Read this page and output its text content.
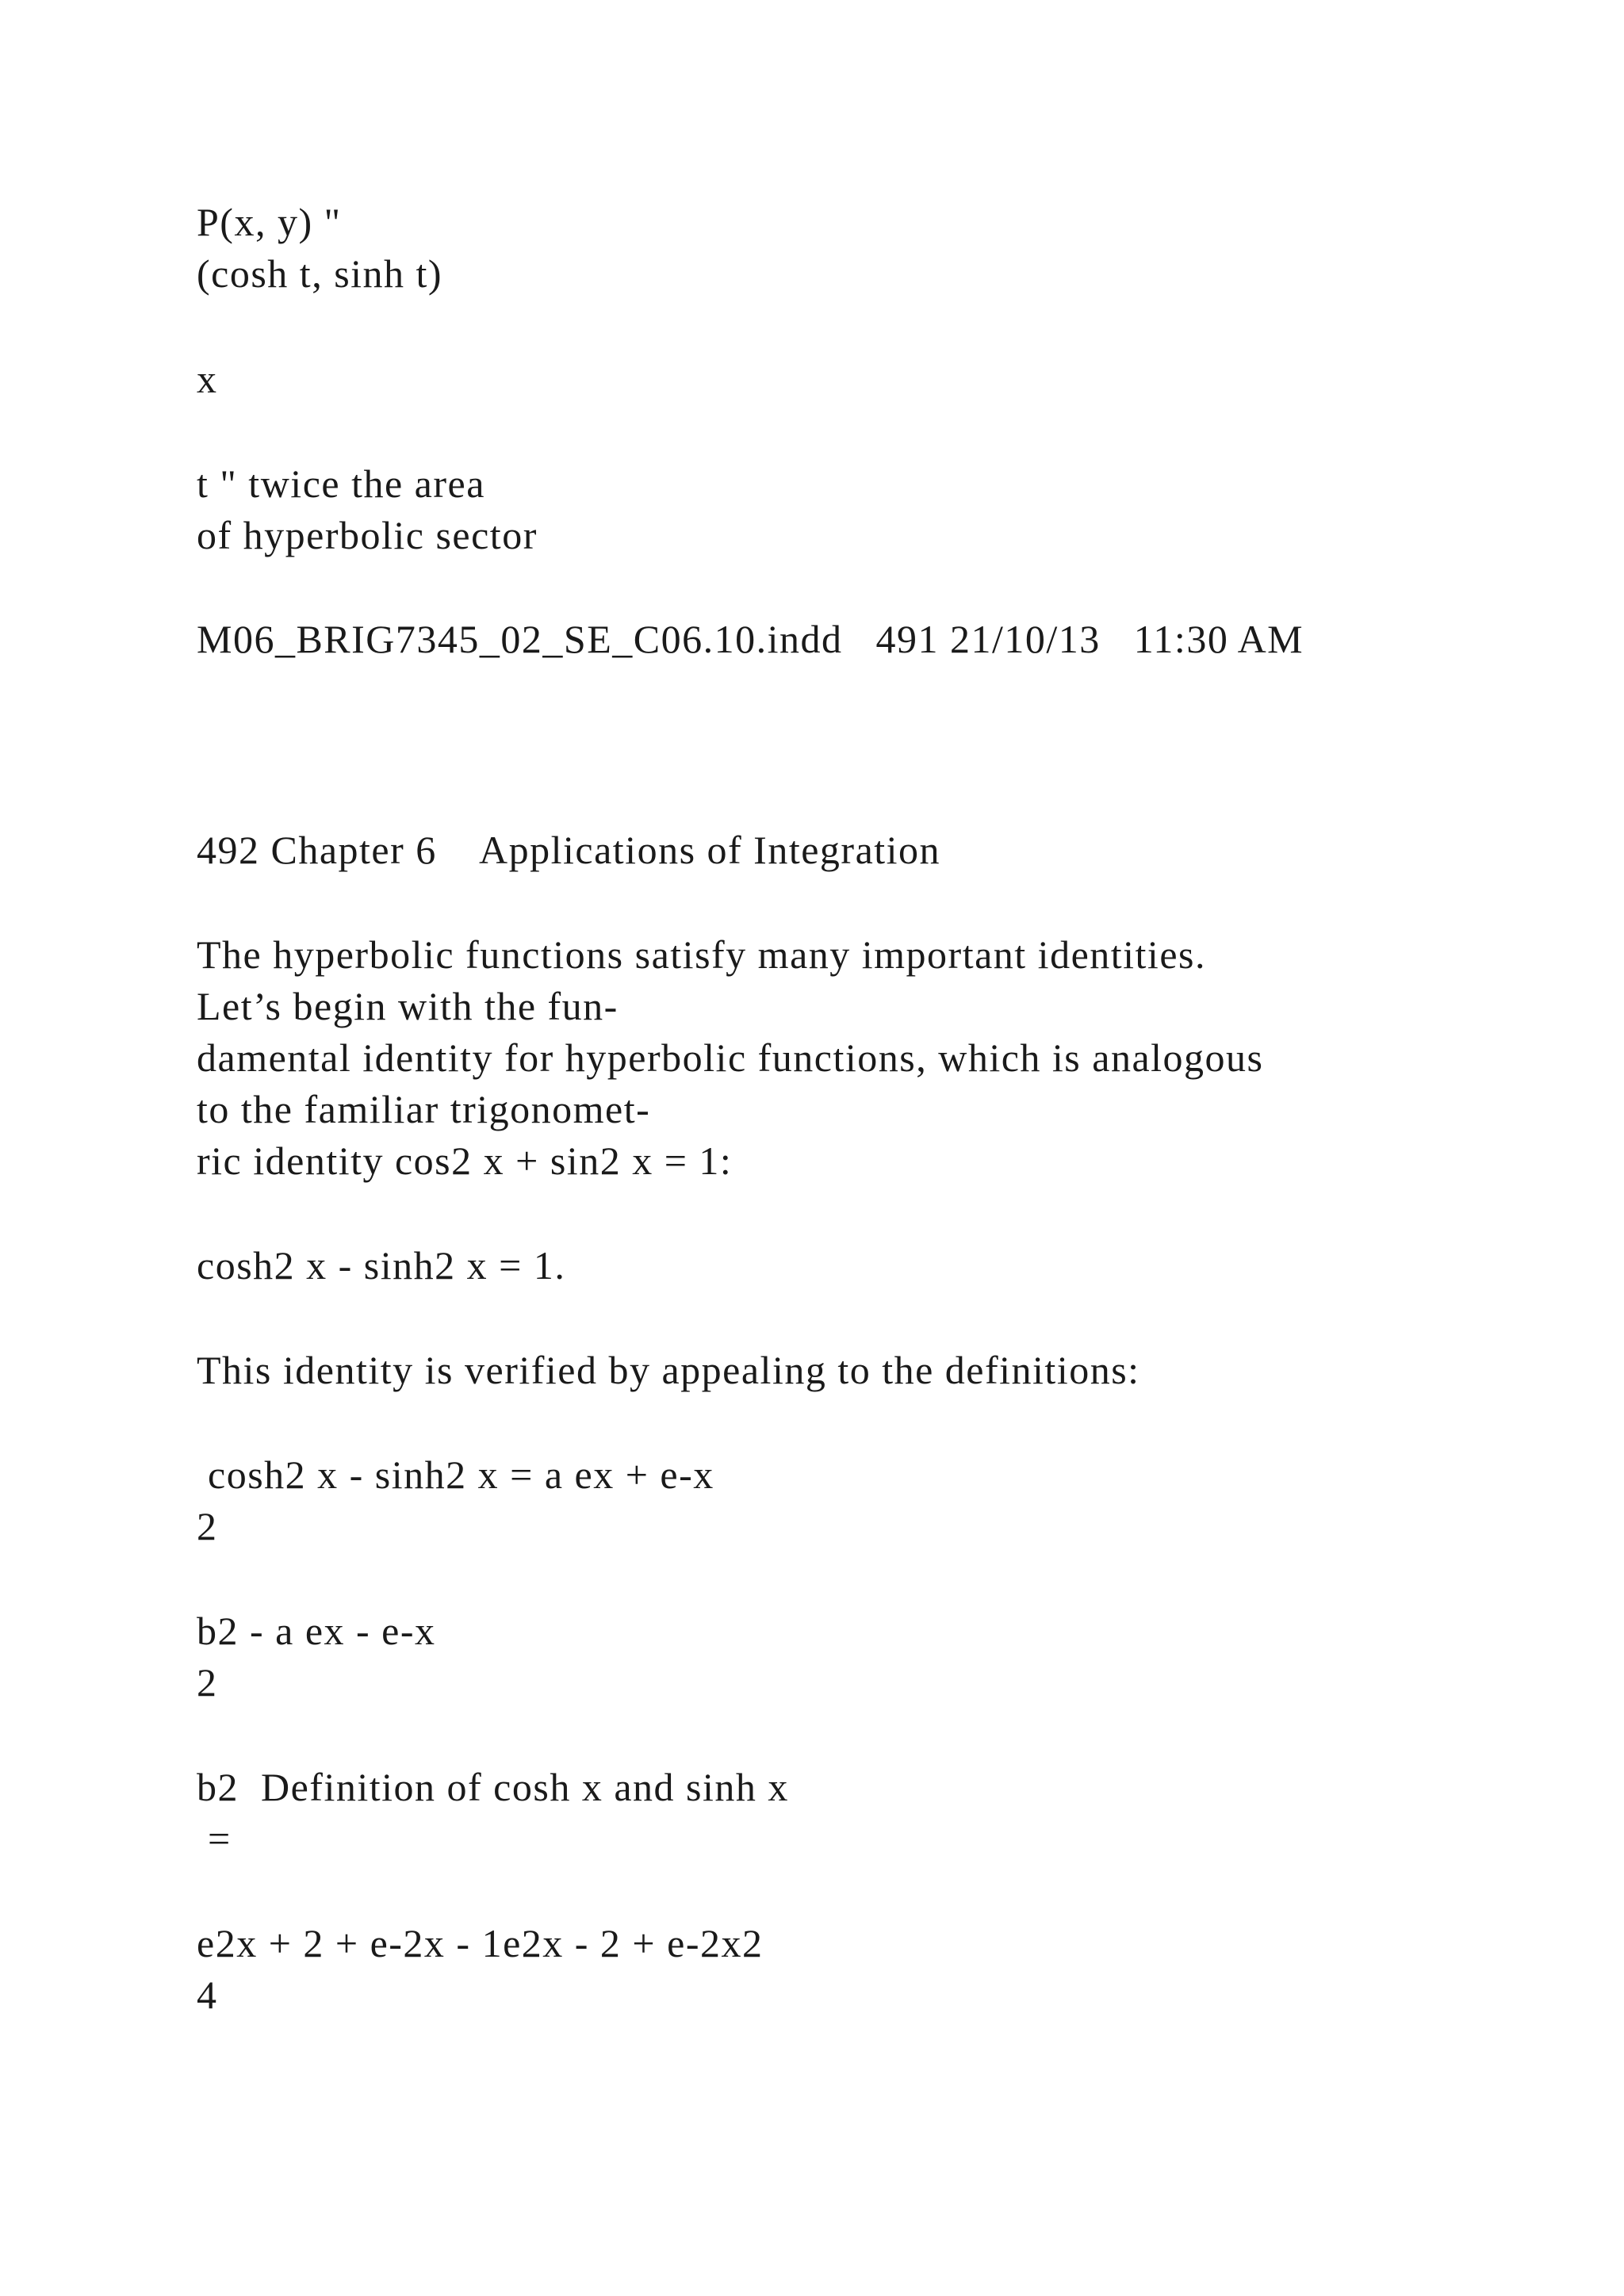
P(x, y) "

(cosh t, sinh t)

x

t " twice the area

of hyperbolic sector

M06_BRIG7345_02_SE_C06.10.indd   491 21/10/13   11:30 AM

492 Chapter 6    Applications of Integration

The hyperbolic functions satisfy many important identities.

Let’s begin with the fun-

damental identity for hyperbolic functions, which is analogous

to the familiar trigonomet-

ric identity cos2 x + sin2 x = 1:

cosh2 x - sinh2 x = 1.

This identity is verified by appealing to the definitions:

cosh2 x - sinh2 x = a ex + e-x

2

b2 - a ex - e-x

2

b2  Definition of cosh x and sinh x

=

e2x + 2 + e-2x - 1e2x - 2 + e-2x2

4
